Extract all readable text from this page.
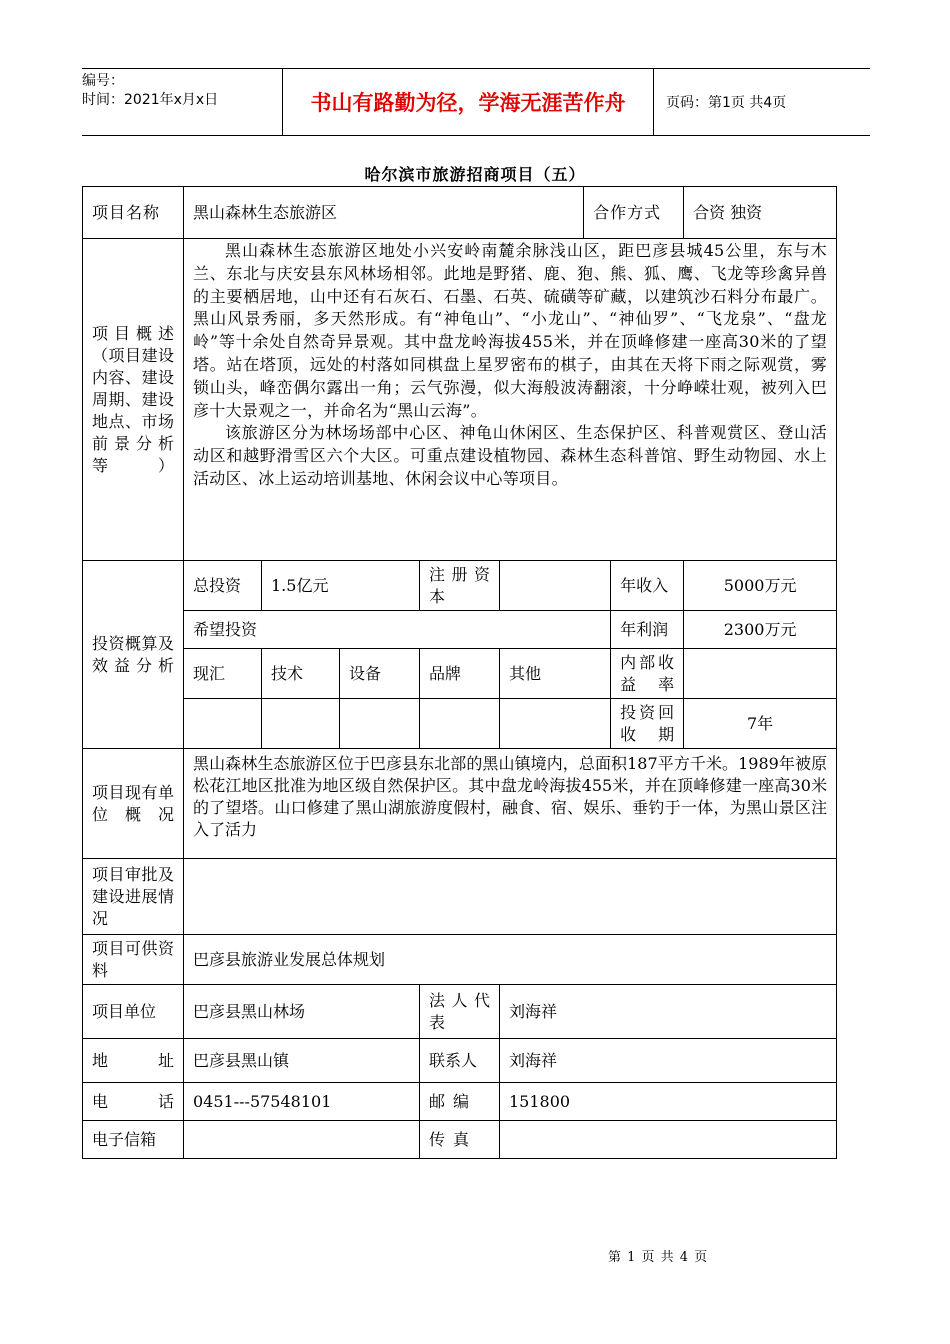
编号：
时间：2021年x月x日	书山有路勤为径，学海无涯苦作舟	页码：第1页 共4页
哈尔滨市旅游招商项目（五）
项目名称	黑山森林生态旅游区					合作方式		合资 独资
项目概述（项目建设内容、建设周期、建设地点、市场前景分析等）	黑山森林生态旅游区地处小兴安岭南麓余脉浅山区，距巴彦县城45公里，东与木兰、东北与庆安县东风林场相邻。此地是野猪、鹿、狍、熊、狐、鹰、飞龙等珍禽异兽的主要栖居地，山中还有石灰石、石墨、石英、硫磺等矿藏，以建筑沙石料分布最广。黑山风景秀丽，多天然形成。有“神龟山”、“小龙山”、“神仙罗”、“飞龙泉”、“盘龙岭”等十余处自然奇异景观。其中盘龙岭海拔455米，并在顶峰修建一座高30米的了望塔。站在塔顶，远处的村落如同棋盘上星罗密布的棋子，由其在天将下雨之际观赏，雾锁山头，峰峦偶尔露出一角；云气弥漫，似大海般波涛翻滚，十分峥嵘壮观，被列入巴彦十大景观之一，并命名为“黑山云海”。

该旅游区分为林场场部中心区、神龟山休闲区、生态保护区、科普观赏区、登山活动区和越野滑雪区六个大区。可重点建设植物园、森林生态科普馆、野生动物园、水上活动区、冰上运动培训基地、休闲会议中心等项目。							

投资概算及效益分析	总投资	1.5亿元		注册资本			年收入	5000万元
	希望投资						年利润	2300万元
	现汇	技术	设备	品牌	其他		内部收益率	
							投资回收期	7年
项目现有单位概况	黑山森林生态旅游区位于巴彦县东北部的黑山镇境内，总面积187平方千米。1989年被原松花江地区批准为地区级自然保护区。其中盘龙岭海拔455米，并在顶峰修建一座高30米的了望塔。山口修建了黑山湖旅游度假村，融食、宿、娱乐、垂钓于一体，为黑山景区注入了活力							
项目审批及建设进展情况								
项目可供资料	巴彦县旅游业发展总体规划							
项目单位	巴彦县黑山林场			法人代表	刘海祥			
地址	巴彦县黑山镇			联系人	刘海祥			
电话	0451---57548101			邮编	151800			
电子信箱				传真				
第 1 页 共 4 页
